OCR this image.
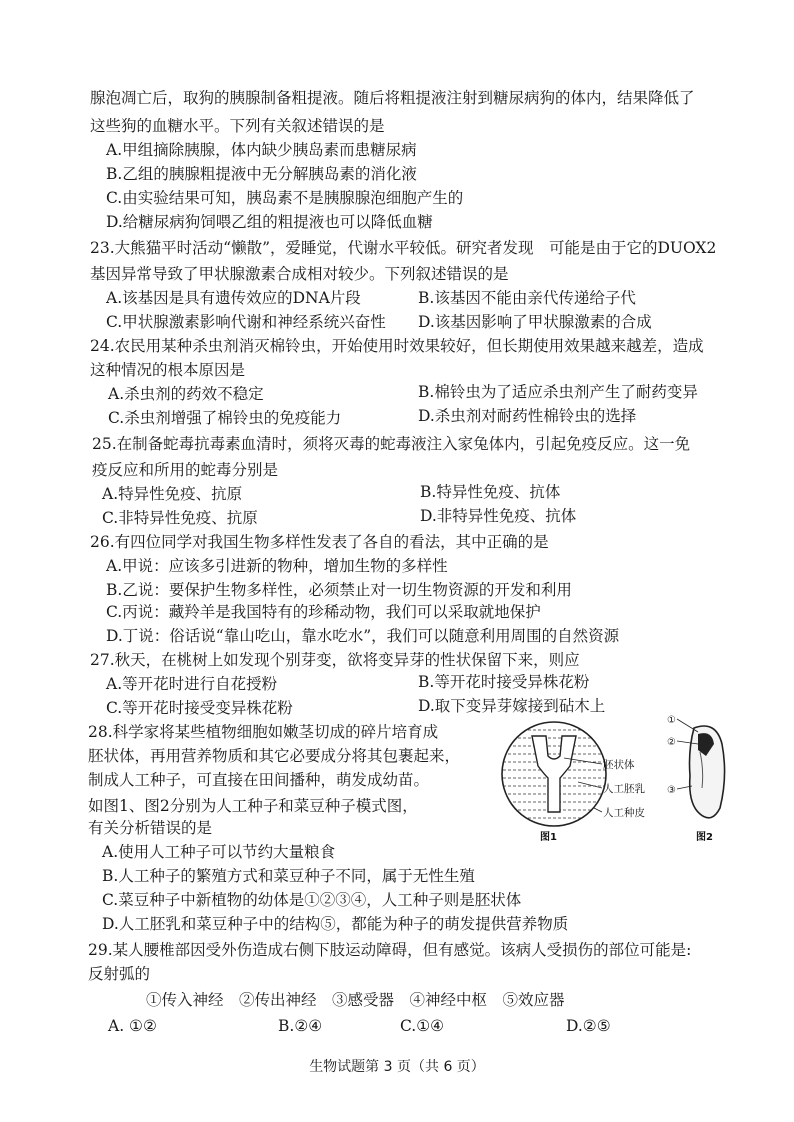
腺泡凋亡后，取狗的胰腺制备粗提液。随后将粗提液注射到糖尿病狗的体内，结果降低了
这些狗的血糖水平。下列有关叙述错误的是
A.甲组摘除胰腺，体内缺少胰岛素而患糖尿病
B.乙组的胰腺粗提液中无分解胰岛素的消化液
C.由实验结果可知，胰岛素不是胰腺腺泡细胞产生的
D.给糖尿病狗饲喂乙组的粗提液也可以降低血糖
23.大熊猫平时活动“懒散”，爱睡觉，代谢水平较低。研究者发现　可能是由于它的DUOX2
基因异常导致了甲状腺激素合成相对较少。下列叙述错误的是
A.该基因是具有遗传效应的DNA片段	B.该基因不能由亲代传递给子代
C.甲状腺激素影响代谢和神经系统兴奋性 D.该基因影响了甲状腺激素的合成
24.农民用某种杀虫剂消灭棉铃虫，开始使用时效果较好，但长期使用效果越来越差，造成
这种情况的根本原因是
A.杀虫剂的药效不稳定	B.棉铃虫为了适应杀虫剂产生了耐药变异
C.杀虫剂增强了棉铃虫的免疫能力	D.杀虫剂对耐药性棉铃虫的选择
25.在制备蛇毒抗毒素血清时，须将灭毒的蛇毒液注入家兔体内，引起免疫反应。这一免
疫反应和所用的蛇毒分别是
A.特异性免疫、抗原	B.特异性免疫、抗体
C.非特异性免疫、抗原	D.非特异性免疫、抗体
26.有四位同学对我国生物多样性发表了各自的看法，其中正确的是
A.甲说：应该多引进新的物种，增加生物的多样性
B.乙说：要保护生物多样性，必须禁止对一切生物资源的开发和利用
C.丙说：藏羚羊是我国特有的珍稀动物，我们可以采取就地保护
D.丁说：俗话说“靠山吃山，靠水吃水”，我们可以随意利用周围的自然资源
27.秋天，在桃树上如发现个别芽变，欲将变异芽的性状保留下来，则应
A.等开花时进行自花授粉	B.等开花时接受异株花粉
C.等开花时接受变异株花粉	D.取下变异芽嫁接到砧木上
28.科学家将某些植物细胞如嫩茎切成的碎片培育成
胚状体，再用营养物质和其它必要成分将其包裹起来，
制成人工种子，可直接在田间播种，萌发成幼苗。
如图1、图2分别为人工种子和菜豆种子模式图，
有关分析错误的是
胚状体
人工胚乳
人工种皮
图1
①
②
③
图2
A.使用人工种子可以节约大量粮食
B.人工种子的繁殖方式和菜豆种子不同，属于无性生殖
C.菜豆种子中新植物的幼体是①②③④，人工种子则是胚状体
D.人工胚乳和菜豆种子中的结构⑤，都能为种子的萌发提供营养物质
29.某人腰椎部因受外伤造成右侧下肢运动障碍，但有感觉。该病人受损伤的部位可能是:
反射弧的
①传入神经　②传出神经　③感受器　④神经中枢　⑤效应器
A. ①②	B.②④	C.①④	D.②⑤
生物试题第 3 页（共 6 页）
